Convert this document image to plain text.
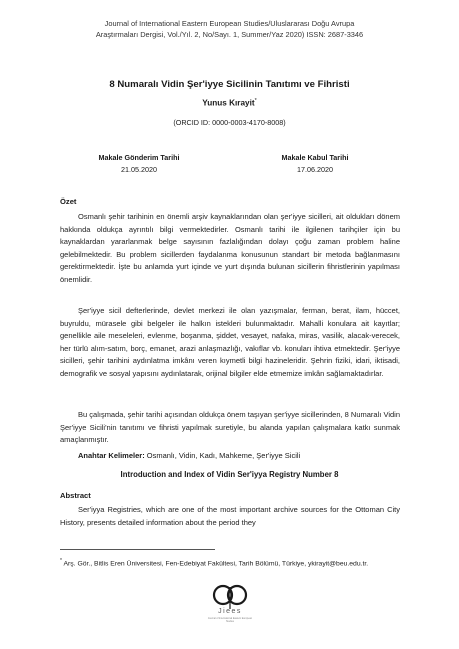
Journal of International Eastern European Studies/Uluslararası Doğu Avrupa
Araştırmaları Dergisi, Vol./Yıl. 2, No/Sayı. 1, Summer/Yaz 2020) ISSN: 2687-3346
8 Numaralı Vidin Şer'iyye Sicilinin Tanıtımı ve Fihristi
Yunus Kırayit*
(ORCID ID: 0000-0003-4170-8008)
Makale Gönderim Tarihi
21.05.2020
Makale Kabul Tarihi
17.06.2020
Özet
Osmanlı şehir tarihinin en önemli arşiv kaynaklarından olan şer'iyye sicilleri, ait oldukları dönem hakkında oldukça ayrıntılı bilgi vermektedirler. Osmanlı tarihi ile ilgilenen tarihçiler için bu kaynaklardan yararlanmak belge sayısının fazlalığından dolayı çoğu zaman problem haline gelebilmektedir. Bu problem sicillerden faydalanma konusunun standart bir metoda bağlanmasını gerektirmektedir. İşte bu anlamda yurt içinde ve yurt dışında bulunan sicillerin fihristlerinin yapılması önemlidir.
Şer'iyye sicil defterlerinde, devlet merkezi ile olan yazışmalar, ferman, berat, ilam, hüccet, buyruldu, mürasele gibi belgeler ile halkın istekleri bulunmaktadır. Mahalli konulara ait kayıtlar; genellikle aile meseleleri, evlenme, boşanma, şiddet, vesayet, nafaka, miras, vasilik, alacak-verecek, her türlü alım-satım, borç, emanet, arazi anlaşmazlığı, vakıflar vb. konuları ihtiva etmektedir. Şer'iyye sicilleri, şehir tarihini aydınlatma imkânı veren kıymetli bilgi hazineleridir. Şehrin fiziki, idari, iktisadi, demografik ve sosyal yapısını aydınlatarak, orijinal bilgiler elde etmemize imkân sağlamaktadırlar.
Bu çalışmada, şehir tarihi açısından oldukça önem taşıyan şer'iyye sicillerinden, 8 Numaralı Vidin Şer'iyye Sicili'nin tanıtımı ve fihristi yapılmak suretiyle, bu alanda yapılan çalışmalara katkı sunmak amaçlanmıştır.
Anahtar Kelimeler: Osmanlı, Vidin, Kadı, Mahkeme, Şer'iyye Sicili
Introduction and Index of Vidin Ser'iyya Registry Number 8
Abstract
Ser'iyya Registries, which are one of the most important archive sources for the Ottoman City History, presents detailed information about the period they
* Arş. Gör., Bitlis Eren Üniversitesi, Fen-Edebiyat Fakültesi, Tarih Bölümü, Türkiye, ykirayit@beu.edu.tr.
Jiees
Journal of International Eastern European Studies
